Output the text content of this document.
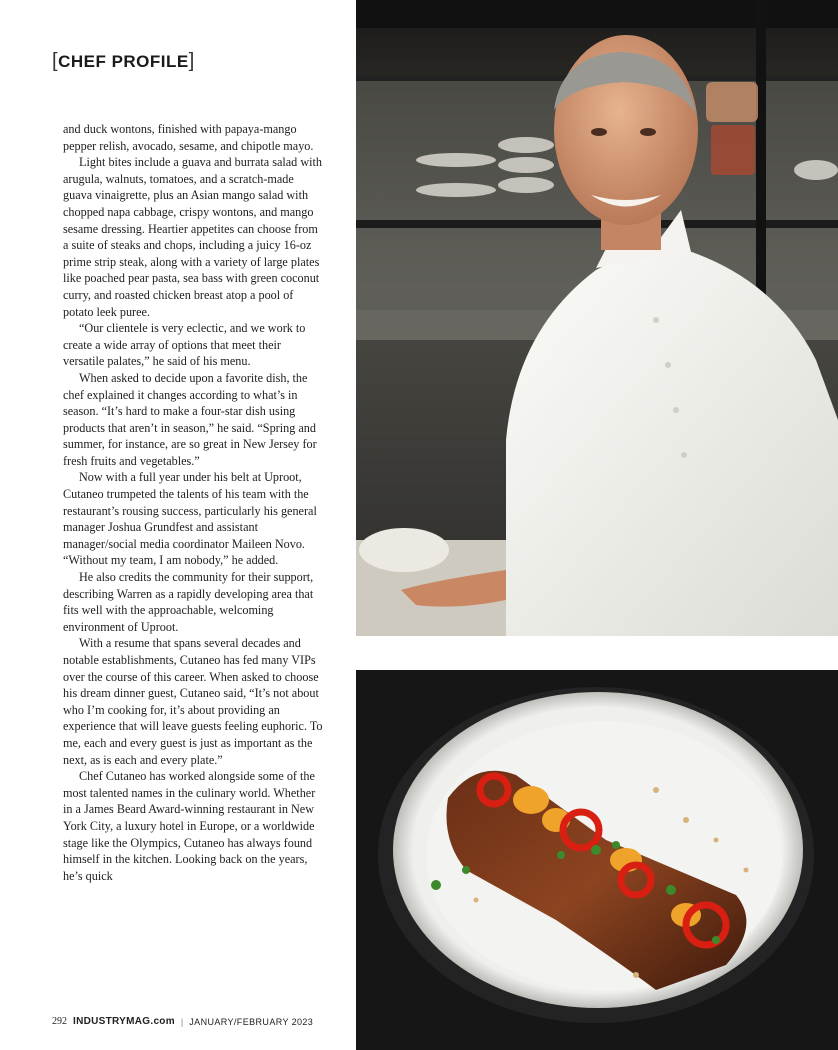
[CHEF PROFILE]

and duck wontons, finished with papaya-mango pepper relish, avocado, sesame, and chipotle mayo.

Light bites include a guava and burrata salad with arugula, walnuts, tomatoes, and a scratch-made guava vinaigrette, plus an Asian mango salad with chopped napa cabbage, crispy wontons, and mango sesame dressing. Heartier appetites can choose from a suite of steaks and chops, including a juicy 16-oz prime strip steak, along with a variety of large plates like poached pear pasta, sea bass with green coconut curry, and roasted chicken breast atop a pool of potato leek puree.

“Our clientele is very eclectic, and we work to create a wide array of options that meet their versatile palates,” he said of his menu.

When asked to decide upon a favorite dish, the chef explained it changes according to what’s in season. “It’s hard to make a four-star dish using products that aren’t in season,” he said. “Spring and summer, for instance, are so great in New Jersey for fresh fruits and vegetables.”

Now with a full year under his belt at Uproot, Cutaneo trumpeted the talents of his team with the restaurant’s rousing success, particularly his general manager Joshua Grundfest and assistant manager/social media coordinator Maileen Novo. “Without my team, I am nobody,” he added.

He also credits the community for their support, describing Warren as a rapidly developing area that fits well with the approachable, welcoming environment of Uproot.

With a resume that spans several decades and notable establishments, Cutaneo has fed many VIPs over the course of this career. When asked to choose his dream dinner guest, Cutaneo said, “It’s not about who I’m cooking for, it’s about providing an experience that will leave guests feeling euphoric. To me, each and every guest is just as important as the next, as is each and every plate.”

Chef Cutaneo has worked alongside some of the most talented names in the culinary world. Whether in a James Beard Award-winning restaurant in New York City, a luxury hotel in Europe, or a worldwide stage like the Olympics, Cutaneo has always found himself in the kitchen. Looking back on the years, he’s quick

292 INDUSTRYMAG.com | JANUARY/FEBRUARY 2023
